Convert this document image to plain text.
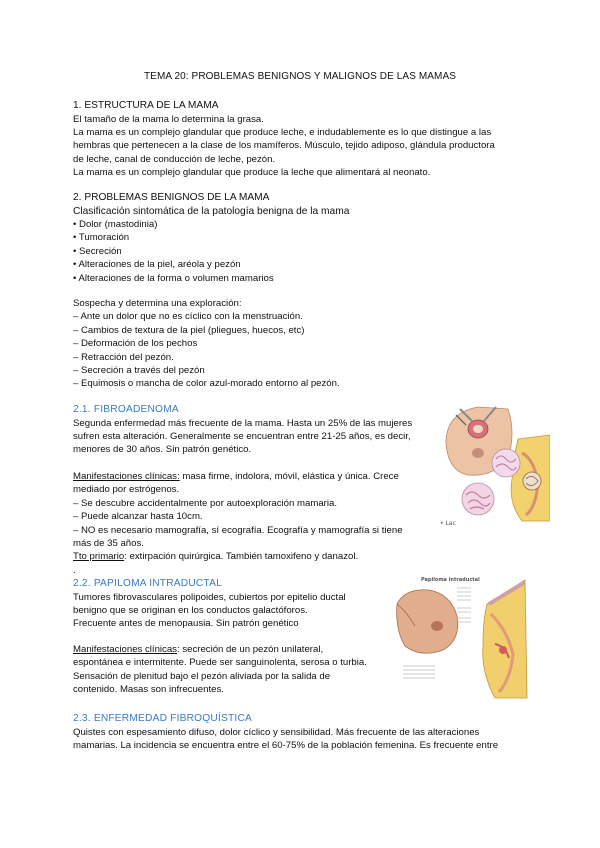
TEMA 20: PROBLEMAS BENIGNOS Y MALIGNOS DE LAS MAMAS
1. ESTRUCTURA DE LA MAMA
El tamaño de la mama lo determina la grasa.
La mama es un complejo glandular que produce leche, e indudablemente es lo que distingue a las
hembras que pertenecen a la clase de los mamíferos. Músculo, tejido adiposo, glándula productora
de leche, canal de conducción de leche, pezón.
La mama es un complejo glandular que produce la leche que alimentará al neonato.
2. PROBLEMAS BENIGNOS DE LA MAMA
Clasificación sintomática de la patología benigna de la mama
• Dolor (mastodinia)
• Tumoración
• Secreción
• Alteraciones de la piel, aréola y pezón
• Alteraciones de la forma o volumen mamarios
Sospecha y determina una exploración:
– Ante un dolor que no es cíclico con la menstruación.
– Cambios de textura de la piel (pliegues, huecos, etc)
– Deformación de los pechos
– Retracción del pezón.
– Secreción a través del pezón
– Equimosis o mancha de color azul-morado entorno al pezón.
2.1. FIBROADENOMA
Segunda enfermedad más frecuente de la mama. Hasta un 25% de las mujeres
sufren esta alteración. Generalmente se encuentran entre 21-25 años, es decir,
menores de 30 años. Sin patrón genético.
Manifestaciones clínicas: masa firme, indolora, móvil, elástica y única. Crece
mediado por estrógenos.
– Se descubre accidentalmente por autoexploración mamaria.
– Puede alcanzar hasta 10cm.
– NO es necesario mamografía, sí ecografía. Ecografía y mamografía si tiene
más de 35 años.
Tto primario: extirpación quirúrgica. También tamoxifeno y danazol.
.
• Lac
2.2. PAPILOMA INTRADUCTAL
Tumores fibrovasculares polipoides, cubiertos por epitelio ductal
benigno que se originan en los conductos galactóforos.
Frecuente antes de menopausia. Sin patrón genético
Manifestaciones clínicas: secreción de un pezón unilateral,
espontánea e intermitente. Puede ser sanguinolenta, serosa o turbia.
Sensación de plenitud bajo el pezón aliviada por la salida de
contenido. Masas son infrecuentes.
Papiloma intraductal
2.3. ENFERMEDAD FIBROQUÍSTICA
Quistes con espesamiento difuso, dolor cíclico y sensibilidad. Más frecuente de las alteraciones
mamarias. La incidencia se encuentra entre el 60-75% de la población femenina. Es frecuente entre
